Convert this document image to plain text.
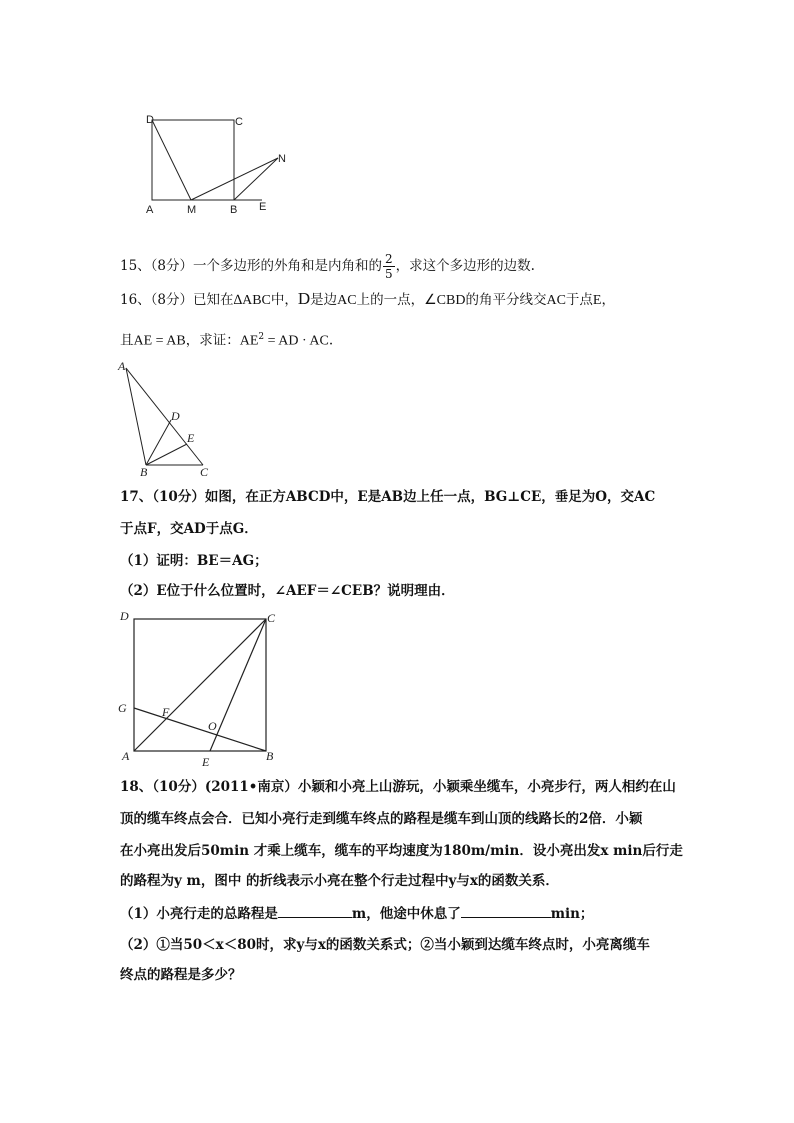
D	C
N
A	M	B E
15、（8分）一个多边形的外角和是内角和的 $\frac{2}{5}$ ，求这个多边形的边数.
16、（8分）已知在∆ABC中，D是边AC上的一点，∠CBD的角平分线交AC于点E，
且AE = AB，求证：$AE^2$ = AD · AC.
A
D
E
B	C
17、（10分）如图，在正方ABCD中，E是AB边上任一点，BG⊥CE，垂足为O，交AC
于点F，交AD于点G．
（1）证明：BE＝AG；
（2）E位于什么位置时，∠AEF＝∠CEB？说明理由．
D	C
G	F
O
A	E	B
18、（10分）(2011•南京）小颖和小亮上山游玩，小颖乘坐缆车，小亮步行，两人相约在山
顶的缆车终点会合．已知小亮行走到缆车终点的路程是缆车到山顶的线路长的2倍．小颖
在小亮出发后50min 才乘上缆车，缆车的平均速度为180m/min．设小亮出发x min后行走
的路程为y m，图中 的折线表示小亮在整个行走过程中y与x的函数关系．
（1）小亮行走的总路程是	m，他途中休息了	min；
（2）①当50＜x＜80时，求y与x的函数关系式；②当小颖到达缆车终点时，小亮离缆车
终点的路程是多少？
